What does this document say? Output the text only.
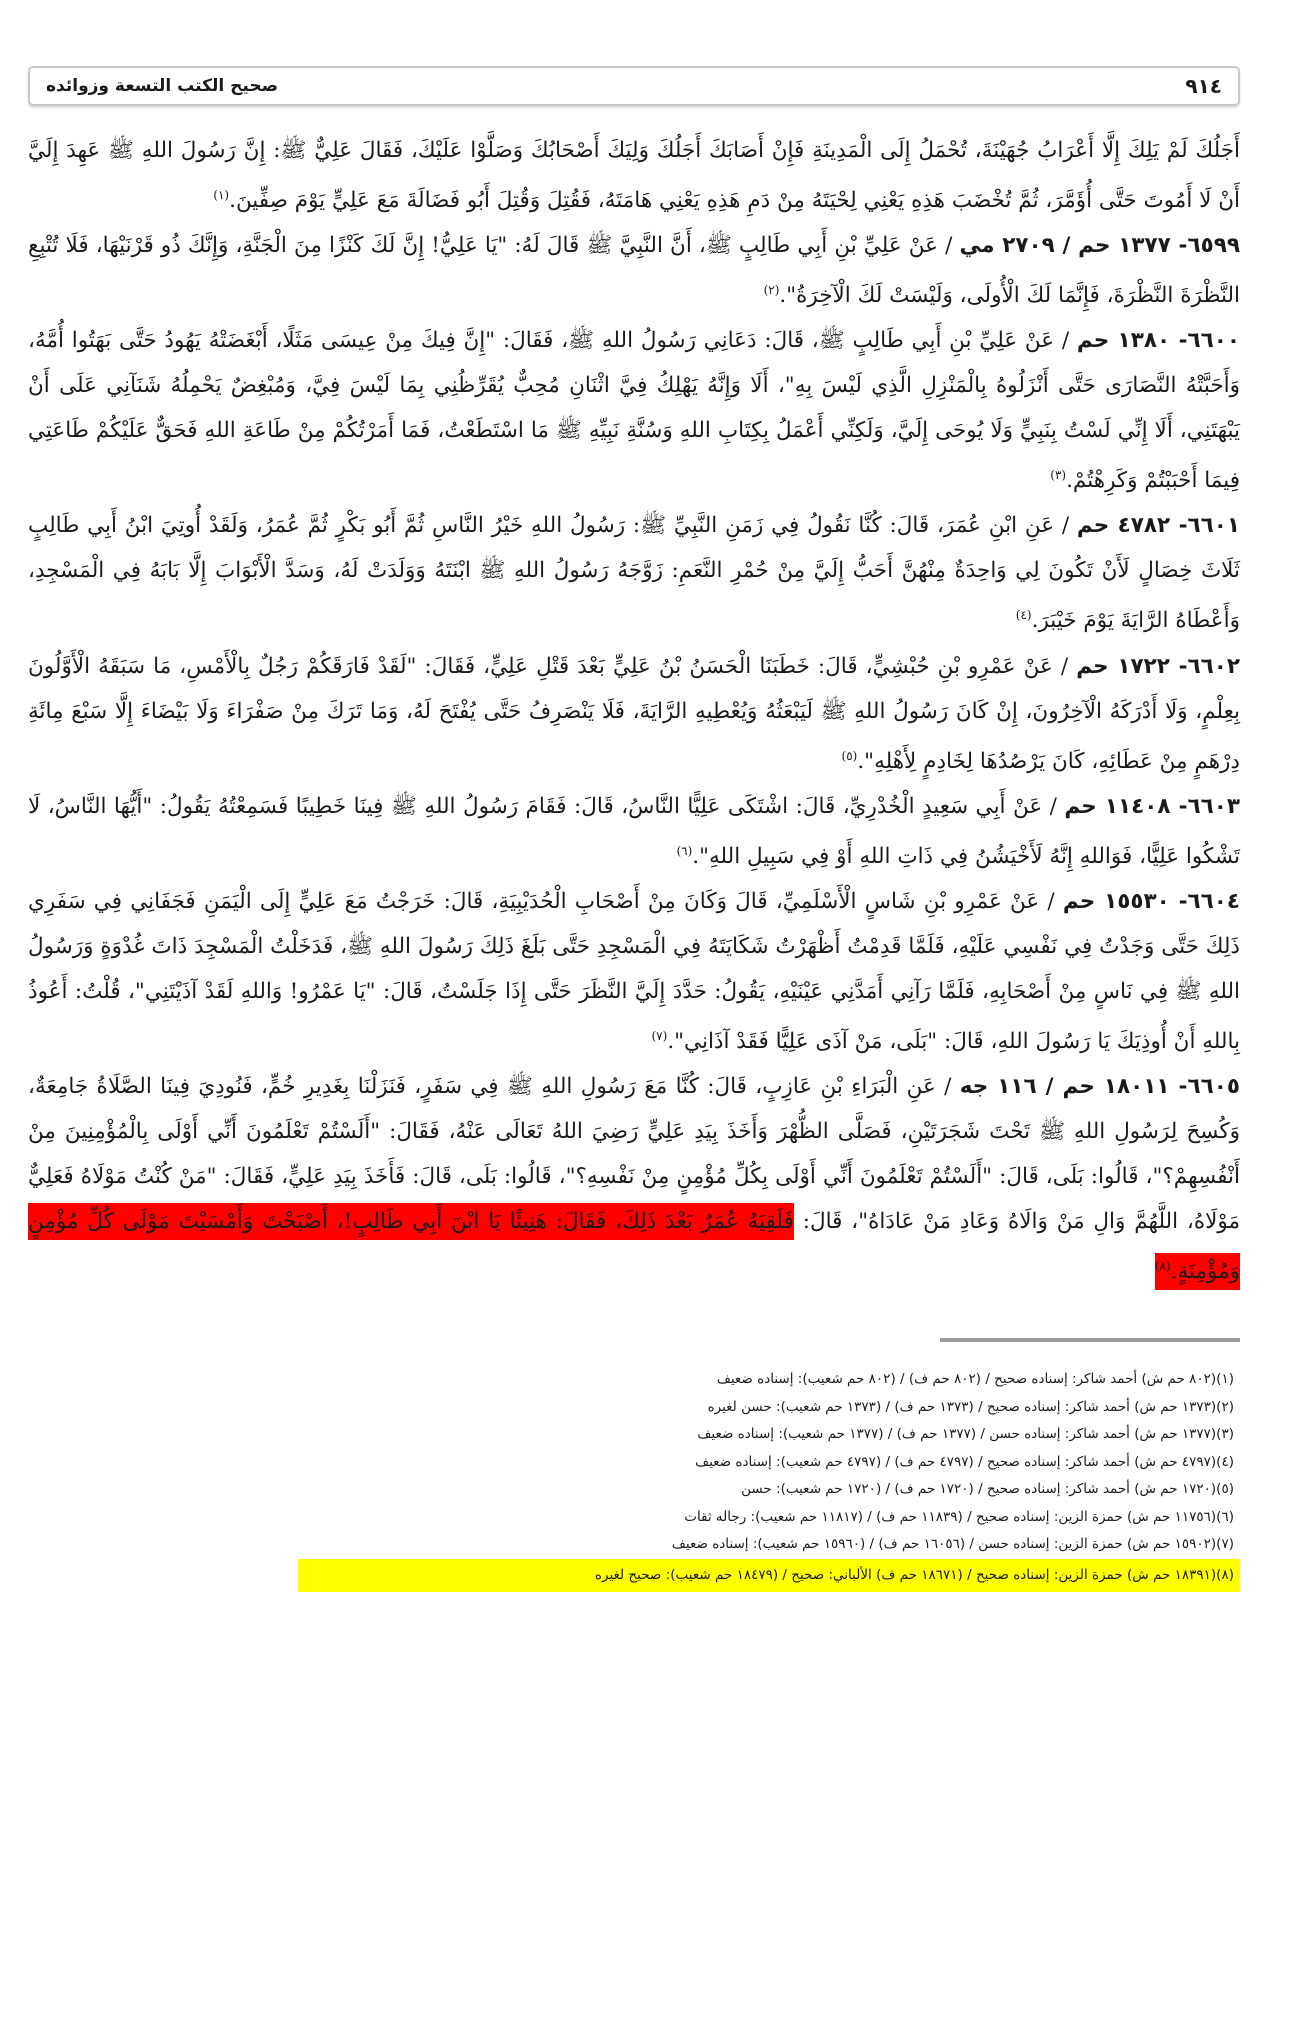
٩١٤
صحيح الكتب التسعة وزوائده

أَجَلُكَ لَمْ يَلِكَ إِلَّا أَعْرَابُ جُهَيْنَةَ، تُحْمَلُ إِلَى الْمَدِينَةِ فَإِنْ أَصَابَكَ أَجَلُكَ وَلِيَكَ أَصْحَابُكَ وَصَلَّوْا عَلَيْكَ، فَقَالَ عَلِيٌّ ﷺ: إِنَّ رَسُولَ اللهِ ﷺ عَهِدَ إِلَيَّ أَنْ لَا أَمُوتَ حَتَّى أُؤَمَّرَ، ثُمَّ تُخْضَبَ هَذِهِ يَعْنِي لِحْيَتَهُ مِنْ دَمِ هَذِهِ يَعْنِي هَامَتَهُ، فَقُتِلَ وَقُتِلَ أَبُو فَضَالَةَ مَعَ عَلِيٍّ يَوْمَ صِفِّينَ.$^{(١)}$

٦٥٩٩- ١٣٧٧ حم / ٢٧٠٩ مي / عَنْ عَلِيِّ بْنِ أَبِي طَالِبٍ ﷺ، أَنَّ النَّبِيَّ ﷺ قَالَ لَهُ: "يَا عَلِيُّ! إِنَّ لَكَ كَنْزًا مِنَ الْجَنَّةِ، وَإِنَّكَ ذُو قَرْنَيْهَا، فَلَا تُتْبِعِ النَّظْرَةَ النَّظْرَةَ، فَإِنَّمَا لَكَ الْأُولَى، وَلَيْسَتْ لَكَ الْآخِرَةُ".$^{(٢)}$

٦٦٠٠- ١٣٨٠ حم / عَنْ عَلِيِّ بْنِ أَبِي طَالِبٍ ﷺ، قَالَ: دَعَانِي رَسُولُ اللهِ ﷺ، فَقَالَ: "إِنَّ فِيكَ مِنْ عِيسَى مَثَلًا، أَبْغَضَتْهُ يَهُودُ حَتَّى بَهَتُوا أُمَّهُ، وَأَحَبَّتْهُ النَّصَارَى حَتَّى أَنْزَلُوهُ بِالْمَنْزِلِ الَّذِي لَيْسَ بِهِ"، أَلَا وَإِنَّهُ يَهْلِكُ فِيَّ اثْنَانِ مُحِبٌّ يُقَرِّظُنِي بِمَا لَيْسَ فِيَّ، وَمُبْغِضٌ يَحْمِلُهُ شَنَآنِي عَلَى أَنْ يَبْهَتَنِي، أَلَا إِنِّي لَسْتُ بِنَبِيٍّ وَلَا يُوحَى إِلَيَّ، وَلَكِنِّي أَعْمَلُ بِكِتَابِ اللهِ وَسُنَّةِ نَبِيِّهِ ﷺ مَا اسْتَطَعْتُ، فَمَا أَمَرْتُكُمْ مِنْ طَاعَةِ اللهِ فَحَقٌّ عَلَيْكُمْ طَاعَتِي فِيمَا أَحْبَبْتُمْ وَكَرِهْتُمْ.$^{(٣)}$

٦٦٠١- ٤٧٨٢ حم / عَنِ ابْنِ عُمَرَ، قَالَ: كُنَّا نَقُولُ فِي زَمَنِ النَّبِيِّ ﷺ: رَسُولُ اللهِ خَيْرُ النَّاسِ ثُمَّ أَبُو بَكْرٍ ثُمَّ عُمَرُ، وَلَقَدْ أُوتِيَ ابْنُ أَبِي طَالِبٍ ثَلَاثَ خِصَالٍ لَأَنْ تَكُونَ لِي وَاحِدَةٌ مِنْهُنَّ أَحَبُّ إِلَيَّ مِنْ حُمْرِ النَّعَمِ: زَوَّجَهُ رَسُولُ اللهِ ﷺ ابْنَتَهُ وَوَلَدَتْ لَهُ، وَسَدَّ الْأَبْوَابَ إِلَّا بَابَهُ فِي الْمَسْجِدِ، وَأَعْطَاهُ الرَّايَةَ يَوْمَ خَيْبَرَ.$^{(٤)}$

٦٦٠٢- ١٧٢٢ حم / عَنْ عَمْرِو بْنِ حُبْشِيٍّ، قَالَ: خَطَبَنَا الْحَسَنُ بْنُ عَلِيٍّ بَعْدَ قَتْلِ عَلِيٍّ، فَقَالَ: "لَقَدْ فَارَقَكُمْ رَجُلٌ بِالْأَمْسِ، مَا سَبَقَهُ الْأَوَّلُونَ بِعِلْمٍ، وَلَا أَدْرَكَهُ الْآخِرُونَ، إِنْ كَانَ رَسُولُ اللهِ ﷺ لَيَبْعَثُهُ وَيُعْطِيهِ الرَّايَةَ، فَلَا يَنْصَرِفُ حَتَّى يُفْتَحَ لَهُ، وَمَا تَرَكَ مِنْ صَفْرَاءَ وَلَا بَيْضَاءَ إِلَّا سَبْعَ مِائَةِ دِرْهَمٍ مِنْ عَطَائِهِ، كَانَ يَرْصُدُهَا لِخَادِمٍ لِأَهْلِهِ".$^{(٥)}$

٦٦٠٣- ١١٤٠٨ حم / عَنْ أَبِي سَعِيدٍ الْخُدْرِيِّ، قَالَ: اشْتَكَى عَلِيًّا النَّاسُ، قَالَ: فَقَامَ رَسُولُ اللهِ ﷺ فِينَا خَطِيبًا فَسَمِعْتُهُ يَقُولُ: "أَيُّهَا النَّاسُ، لَا تَشْكُوا عَلِيًّا، فَوَاللهِ إِنَّهُ لَأَخْيَشُنُ فِي ذَاتِ اللهِ أَوْ فِي سَبِيلِ اللهِ".$^{(٦)}$

٦٦٠٤- ١٥٥٣٠ حم / عَنْ عَمْرِو بْنِ شَاسٍ الْأَسْلَمِيِّ، قَالَ وَكَانَ مِنْ أَصْحَابِ الْحُدَيْبِيَةِ، قَالَ: خَرَجْتُ مَعَ عَلِيٍّ إِلَى الْيَمَنِ فَجَفَانِي فِي سَفَرِي ذَلِكَ حَتَّى وَجَدْتُ فِي نَفْسِي عَلَيْهِ، فَلَمَّا قَدِمْتُ أَظْهَرْتُ شَكَايَتَهُ فِي الْمَسْجِدِ حَتَّى بَلَغَ ذَلِكَ رَسُولَ اللهِ ﷺ، فَدَخَلْتُ الْمَسْجِدَ ذَاتَ غُدْوَةٍ وَرَسُولُ اللهِ ﷺ فِي نَاسٍ مِنْ أَصْحَابِهِ، فَلَمَّا رَآنِي أَمَدَّنِي عَيْنَيْهِ، يَقُولُ: حَدَّدَ إِلَيَّ النَّظَرَ حَتَّى إِذَا جَلَسْتُ، قَالَ: "يَا عَمْرُو! وَاللهِ لَقَدْ آذَيْتَنِي"، قُلْتُ: أَعُوذُ بِاللهِ أَنْ أُوذِيَكَ يَا رَسُولَ اللهِ، قَالَ: "بَلَى، مَنْ آذَى عَلِيًّا فَقَدْ آذَانِي".$^{(٧)}$

٦٦٠٥- ١٨٠١١ حم / ١١٦ جه / عَنِ الْبَرَاءِ بْنِ عَازِبٍ، قَالَ: كُنَّا مَعَ رَسُولِ اللهِ ﷺ فِي سَفَرٍ، فَنَزَلْنَا بِغَدِيرِ خُمٍّ، فَنُودِيَ فِينَا الصَّلَاةُ جَامِعَةٌ، وَكُسِحَ لِرَسُولِ اللهِ ﷺ تَحْتَ شَجَرَتَيْنِ، فَصَلَّى الظُّهْرَ وَأَخَذَ بِيَدِ عَلِيٍّ رَضِيَ اللهُ تَعَالَى عَنْهُ، فَقَالَ: "أَلَسْتُمْ تَعْلَمُونَ أَنِّي أَوْلَى بِالْمُؤْمِنِينَ مِنْ أَنْفُسِهِمْ؟"، قَالُوا: بَلَى، قَالَ: "أَلَسْتُمْ تَعْلَمُونَ أَنِّي أَوْلَى بِكُلِّ مُؤْمِنٍ مِنْ نَفْسِهِ؟"، قَالُوا: بَلَى، قَالَ: فَأَخَذَ بِيَدِ عَلِيٍّ، فَقَالَ: "مَنْ كُنْتُ مَوْلَاهُ فَعَلِيٌّ مَوْلَاهُ، اللَّهُمَّ وَالِ مَنْ وَالَاهُ وَعَادِ مَنْ عَادَاهُ"، قَالَ: فَلَقِيَهُ عُمَرُ بَعْدَ ذَلِكَ، فَقَالَ: هَنِيئًا يَا ابْنَ أَبِي طَالِبٍ!، أَصْبَحْتَ وَأَمْسَيْتَ مَوْلَى كُلِّ مُؤْمِنٍ وَمُؤْمِنَةٍ.$^{(٨)}$

(١)(٨٠٢ حم ش) أحمد شاكر: إسناده صحيح / (٨٠٢ حم ف) / (٨٠٢ حم شعيب): إسناده ضعيف

(٢)(١٣٧٣ حم ش) أحمد شاكر: إسناده صحيح / (١٣٧٣ حم ف) / (١٣٧٣ حم شعيب): حسن لغيره

(٣)(١٣٧٧ حم ش) أحمد شاكر: إسناده حسن / (١٣٧٧ حم ف) / (١٣٧٧ حم شعيب): إسناده ضعيف

(٤)(٤٧٩٧ حم ش) أحمد شاكر: إسناده صحيح / (٤٧٩٧ حم ف) / (٤٧٩٧ حم شعيب): إسناده ضعيف

(٥)(١٧٢٠ حم ش) أحمد شاكر: إسناده صحيح / (١٧٢٠ حم ف) / (١٧٢٠ حم شعيب): حسن

(٦)(١١٧٥٦ حم ش) حمزة الزين: إسناده صحيح / (١١٨٣٩ حم ف) / (١١٨١٧ حم شعيب): رجاله ثقات

(٧)(١٥٩٠٢ حم ش) حمزة الزين: إسناده حسن / (١٦٠٥٦ حم ف) / (١٥٩٦٠ حم شعيب): إسناده ضعيف

(٨)(١٨٣٩١ حم ش) حمزة الزين: إسناده صحيح / (١٨٦٧١ حم ف) الألباني: صحيح / (١٨٤٧٩ حم شعيب): صحيح لغيره
